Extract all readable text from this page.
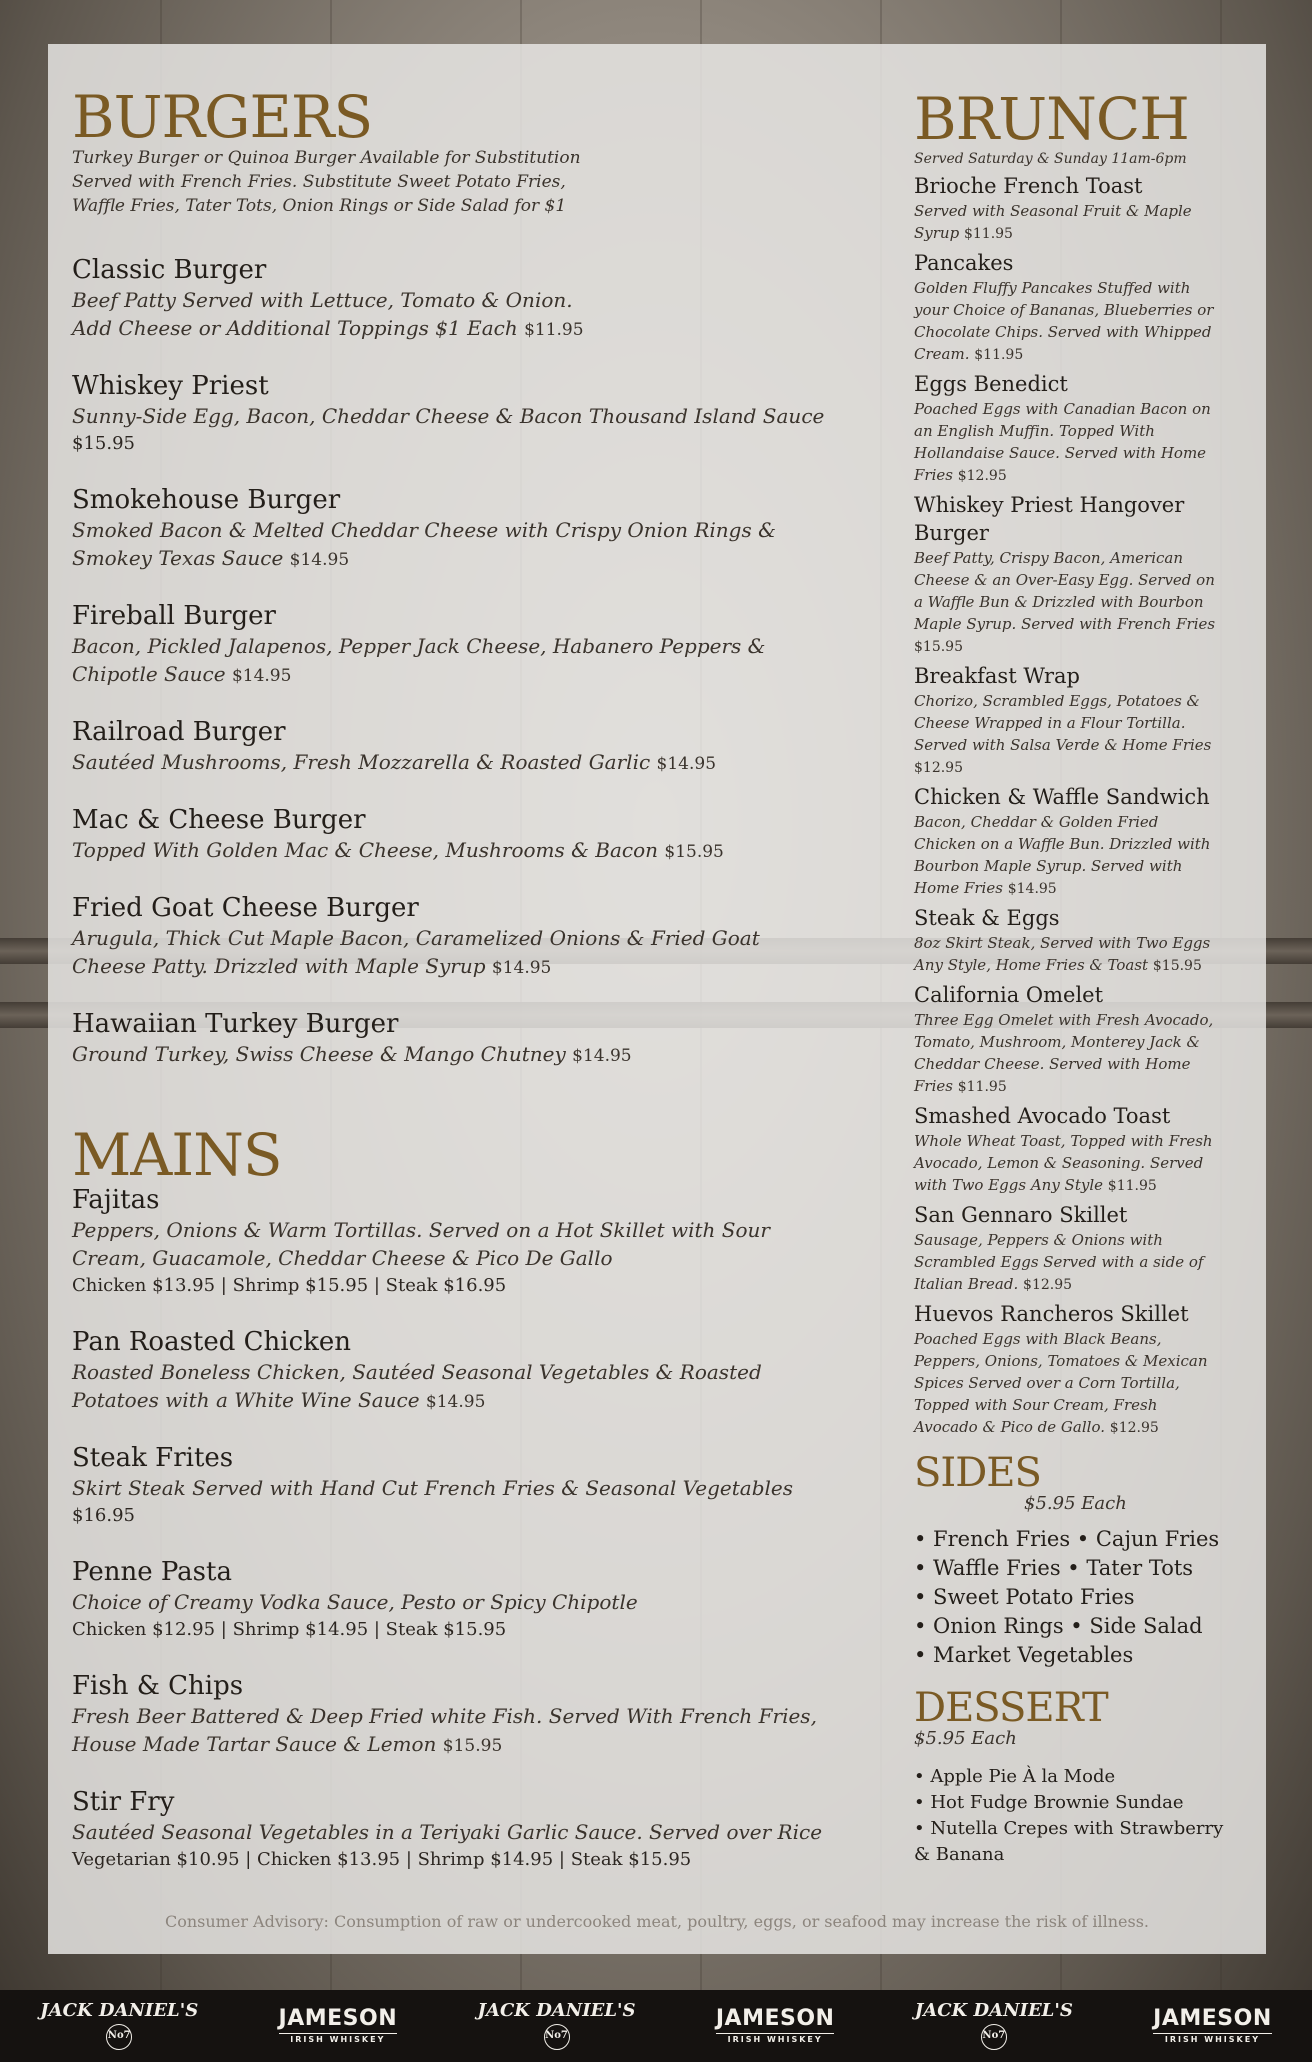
BURGERS

Turkey Burger or Quinoa Burger Available for Substitution

Served with French Fries. Substitute Sweet Potato Fries,

Waffle Fries, Tater Tots, Onion Rings or Side Salad for $1

Classic Burger

Beef Patty Served with Lettuce, Tomato & Onion.

Add Cheese or Additional Toppings $1 Each $11.95

Whiskey Priest

Sunny-Side Egg, Bacon, Cheddar Cheese & Bacon Thousand Island Sauce

$15.95

Smokehouse Burger

Smoked Bacon & Melted Cheddar Cheese with Crispy Onion Rings &

Smokey Texas Sauce $14.95

Fireball Burger

Bacon, Pickled Jalapenos, Pepper Jack Cheese, Habanero Peppers &

Chipotle Sauce $14.95

Railroad Burger

Sautéed Mushrooms, Fresh Mozzarella & Roasted Garlic $14.95

Mac & Cheese Burger

Topped With Golden Mac & Cheese, Mushrooms & Bacon $15.95

Fried Goat Cheese Burger

Arugula, Thick Cut Maple Bacon, Caramelized Onions & Fried Goat

Cheese Patty. Drizzled with Maple Syrup $14.95

Hawaiian Turkey Burger

Ground Turkey, Swiss Cheese & Mango Chutney $14.95

MAINS
Fajitas

Peppers, Onions & Warm Tortillas. Served on a Hot Skillet with Sour

Cream, Guacamole, Cheddar Cheese & Pico De Gallo

Chicken $13.95 | Shrimp $15.95 | Steak $16.95

Pan Roasted Chicken

Roasted Boneless Chicken, Sautéed Seasonal Vegetables & Roasted

Potatoes with a White Wine Sauce $14.95

Steak Frites

Skirt Steak Served with Hand Cut French Fries & Seasonal Vegetables

$16.95

Penne Pasta

Choice of Creamy Vodka Sauce, Pesto or Spicy Chipotle

Chicken $12.95 | Shrimp $14.95 | Steak $15.95

Fish & Chips

Fresh Beer Battered & Deep Fried white Fish. Served With French Fries,

House Made Tartar Sauce & Lemon $15.95

Stir Fry

Sautéed Seasonal Vegetables in a Teriyaki Garlic Sauce. Served over Rice

Vegetarian $10.95 | Chicken $13.95 | Shrimp $14.95 | Steak $15.95

BRUNCH

Served Saturday & Sunday 11am-6pm

Brioche French Toast

Served with Seasonal Fruit & Maple

Syrup $11.95

Pancakes

Golden Fluffy Pancakes Stuffed with

your Choice of Bananas, Blueberries or

Chocolate Chips. Served with Whipped

Cream. $11.95

Eggs Benedict

Poached Eggs with Canadian Bacon on

an English Muffin. Topped With

Hollandaise Sauce. Served with Home

Fries $12.95

Whiskey Priest Hangover Burger

Beef Patty, Crispy Bacon, American

Cheese & an Over-Easy Egg. Served on

a Waffle Bun & Drizzled with Bourbon

Maple Syrup. Served with French Fries

$15.95

Breakfast Wrap

Chorizo, Scrambled Eggs, Potatoes &

Cheese Wrapped in a Flour Tortilla.

Served with Salsa Verde & Home Fries

$12.95

Chicken & Waffle Sandwich

Bacon, Cheddar & Golden Fried

Chicken on a Waffle Bun. Drizzled with

Bourbon Maple Syrup. Served with

Home Fries $14.95

Steak & Eggs

8oz Skirt Steak, Served with Two Eggs

Any Style, Home Fries & Toast $15.95

California Omelet

Three Egg Omelet with Fresh Avocado,

Tomato, Mushroom, Monterey Jack &

Cheddar Cheese. Served with Home

Fries $11.95

Smashed Avocado Toast

Whole Wheat Toast, Topped with Fresh

Avocado, Lemon & Seasoning. Served

with Two Eggs Any Style $11.95

San Gennaro Skillet

Sausage, Peppers & Onions with

Scrambled Eggs Served with a side of

Italian Bread. $12.95

Huevos Rancheros Skillet

Poached Eggs with Black Beans,

Peppers, Onions, Tomatoes & Mexican

Spices Served over a Corn Tortilla,

Topped with Sour Cream, Fresh

Avocado & Pico de Gallo. $12.95

SIDES

$5.95 Each

• French Fries • Cajun Fries

• Waffle Fries • Tater Tots

• Sweet Potato Fries

• Onion Rings • Side Salad

• Market Vegetables

DESSERT

$5.95 Each

• Apple Pie À la Mode

• Hot Fudge Brownie Sundae

• Nutella Crepes with Strawberry

& Banana

Consumer Advisory: Consumption of raw or undercooked meat, poultry, eggs, or seafood may increase the risk of illness.
JACK DANIEL'S
No7
JAMESON
IRISH WHISKEY
JACK DANIEL'S
No7
JAMESON
IRISH WHISKEY
JACK DANIEL'S
No7
JAMESON
IRISH WHISKEY
